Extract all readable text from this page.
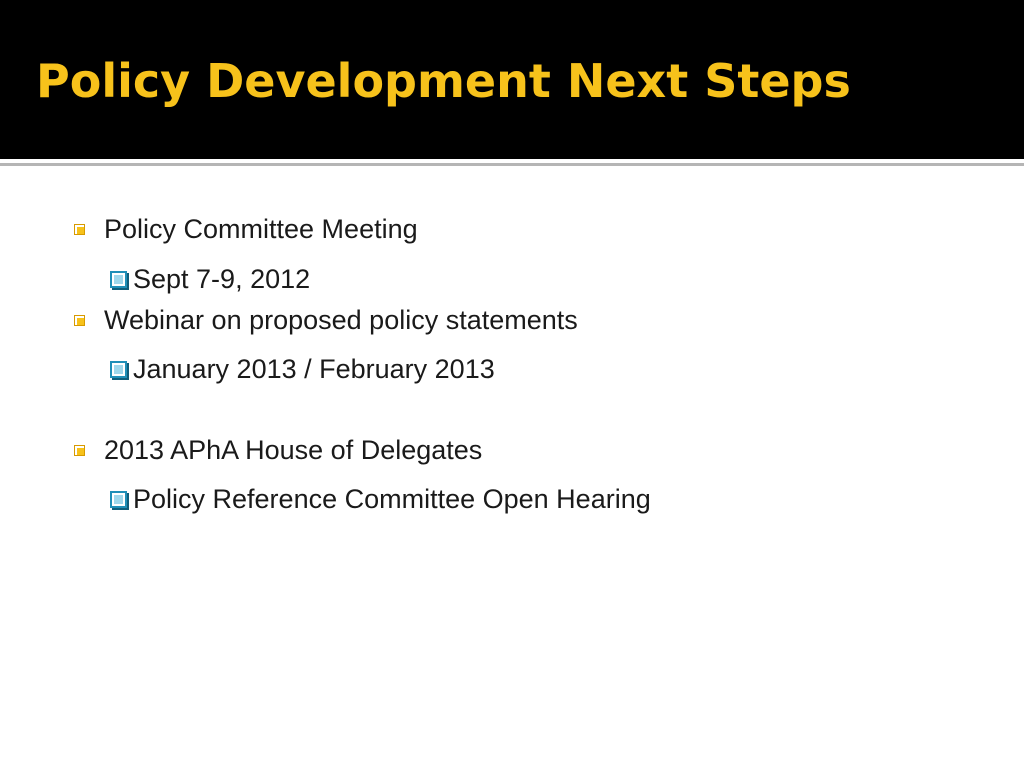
Policy Development Next Steps
Policy Committee Meeting
Sept 7-9, 2012
Webinar on proposed policy statements
January 2013 / February 2013
2013 APhA House of Delegates
Policy Reference Committee Open Hearing
